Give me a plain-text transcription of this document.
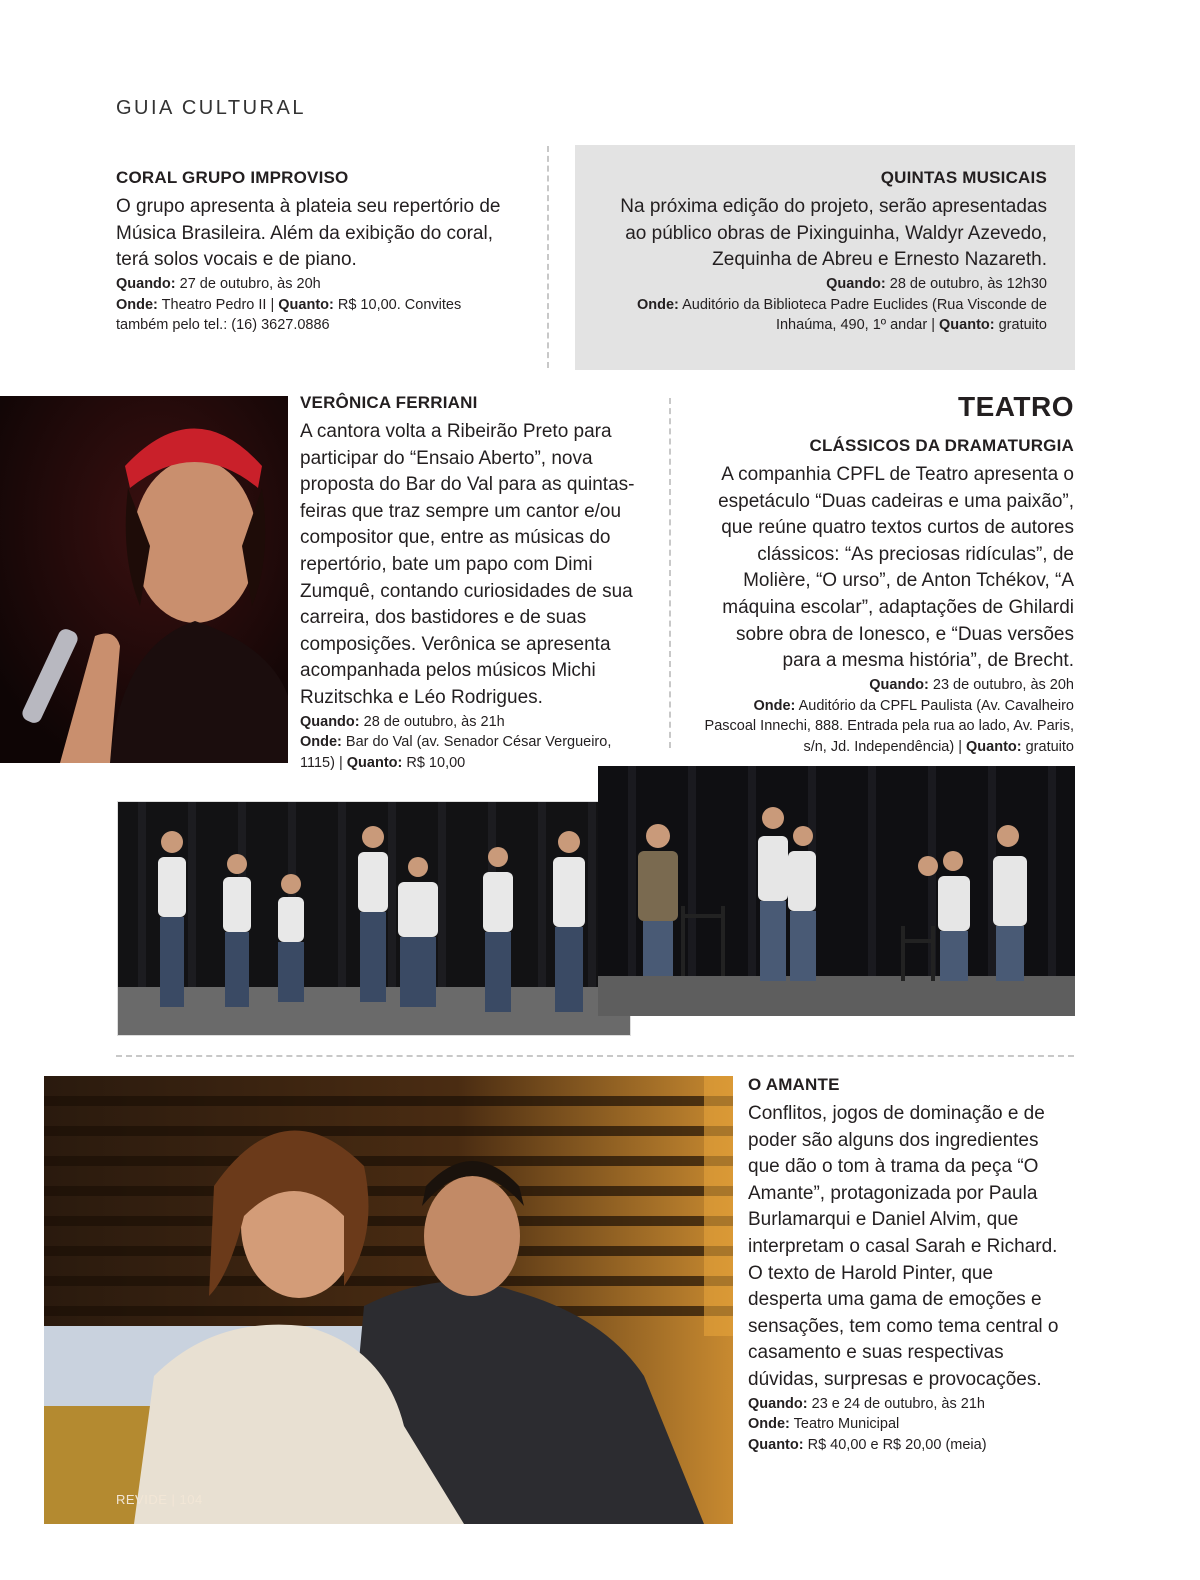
GUIA CULTURAL
CORAL GRUPO IMPROVISO

O grupo apresenta à plateia seu repertório de Música Brasileira. Além da exibição do coral, terá solos vocais e de piano.

Quando: 27 de outubro, às 20h
Onde: Theatro Pedro II | Quanto: R$ 10,00. Convites também pelo tel.: (16) 3627.0886

QUINTAS MUSICAIS

Na próxima edição do projeto, serão apresentadas ao público obras de Pixinguinha, Waldyr Azevedo, Zequinha de Abreu e Ernesto Nazareth.

Quando: 28 de outubro, às 12h30
Onde: Auditório da Biblioteca Padre Euclides (Rua Visconde de Inhaúma, 490, 1º andar | Quanto: gratuito

VERÔNICA FERRIANI

A cantora volta a Ribeirão Preto para participar do “Ensaio Aberto”, nova proposta do Bar do Val para as quintas-feiras que traz sempre um cantor e/ou compositor que, entre as músicas do repertório, bate um papo com Dimi Zumquê, contando curiosidades de sua carreira, dos bastidores e de suas composições. Verônica se apresenta acompanhada pelos músicos Michi Ruzitschka e Léo Rodrigues.

Quando: 28 de outubro, às 21h
Onde: Bar do Val (av. Senador César Vergueiro, 1115) | Quanto: R$ 10,00

TEATRO
CLÁSSICOS DA DRAMATURGIA

A companhia CPFL de Teatro apresenta o espetáculo “Duas cadeiras e uma paixão”, que reúne quatro textos curtos de autores clássicos: “As preciosas ridículas”, de Molière, “O urso”, de Anton Tchékov, “A máquina escolar”, adaptações de Ghilardi sobre obra de Ionesco, e “Duas versões para a mesma história”, de Brecht.

Quando: 23 de outubro, às 20h
Onde: Auditório da CPFL Paulista (Av. Cavalheiro Pascoal Innechi, 888. Entrada pela rua ao lado, Av. Paris, s/n, Jd. Independência) | Quanto: gratuito

O AMANTE

Conflitos, jogos de dominação e de poder são alguns dos ingredientes que dão o tom à trama da peça “O Amante”, protagonizada por Paula Burlamarqui e Daniel Alvim, que interpretam o casal Sarah e Richard. O texto de Harold Pinter, que desperta uma gama de emoções e sensações, tem como tema central o casamento e suas respectivas dúvidas, surpresas e provocações.

Quando: 23 e 24 de outubro, às 21h
Onde: Teatro Municipal
Quanto: R$ 40,00 e R$ 20,00 (meia)

REVIDE | 104
